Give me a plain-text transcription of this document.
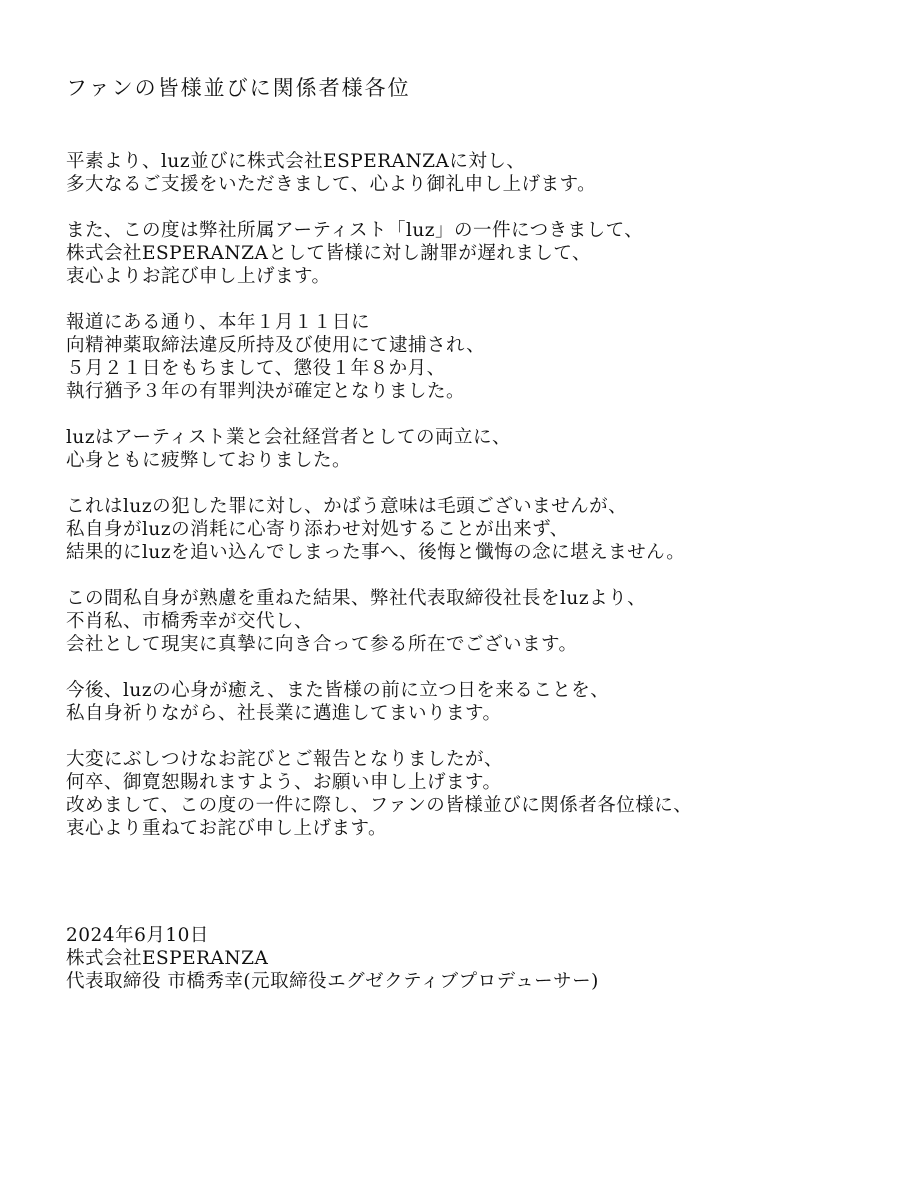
ファンの皆様並びに関係者様各位
平素より、luz並びに株式会社ESPERANZAに対し、
多大なるご支援をいただきまして、心より御礼申し上げます。
また、この度は弊社所属アーティスト「luz」の一件につきまして、
株式会社ESPERANZAとして皆様に対し謝罪が遅れまして、
衷心よりお詫び申し上げます。
報道にある通り、本年１月１１日に
向精神薬取締法違反所持及び使用にて逮捕され、
５月２１日をもちまして、懲役１年８か月、
執行猶予３年の有罪判決が確定となりました。
luzはアーティスト業と会社経営者としての両立に、
心身ともに疲弊しておりました。
これはluzの犯した罪に対し、かばう意味は毛頭ございませんが、
私自身がluzの消耗に心寄り添わせ対処することが出来ず、
結果的にluzを追い込んでしまった事へ、後悔と懺悔の念に堪えません。
この間私自身が熟慮を重ねた結果、弊社代表取締役社長をluzより、
不肖私、市橋秀幸が交代し、
会社として現実に真摯に向き合って参る所在でございます。
今後、luzの心身が癒え、また皆様の前に立つ日を来ることを、
私自身祈りながら、社長業に邁進してまいります。
大変にぶしつけなお詫びとご報告となりましたが、
何卒、御寛恕賜れますよう、お願い申し上げます。
改めまして、この度の一件に際し、ファンの皆様並びに関係者各位様に、
衷心より重ねてお詫び申し上げます。
2024年6月10日
株式会社ESPERANZA
代表取締役 市橋秀幸(元取締役エグゼクティブプロデューサー)
